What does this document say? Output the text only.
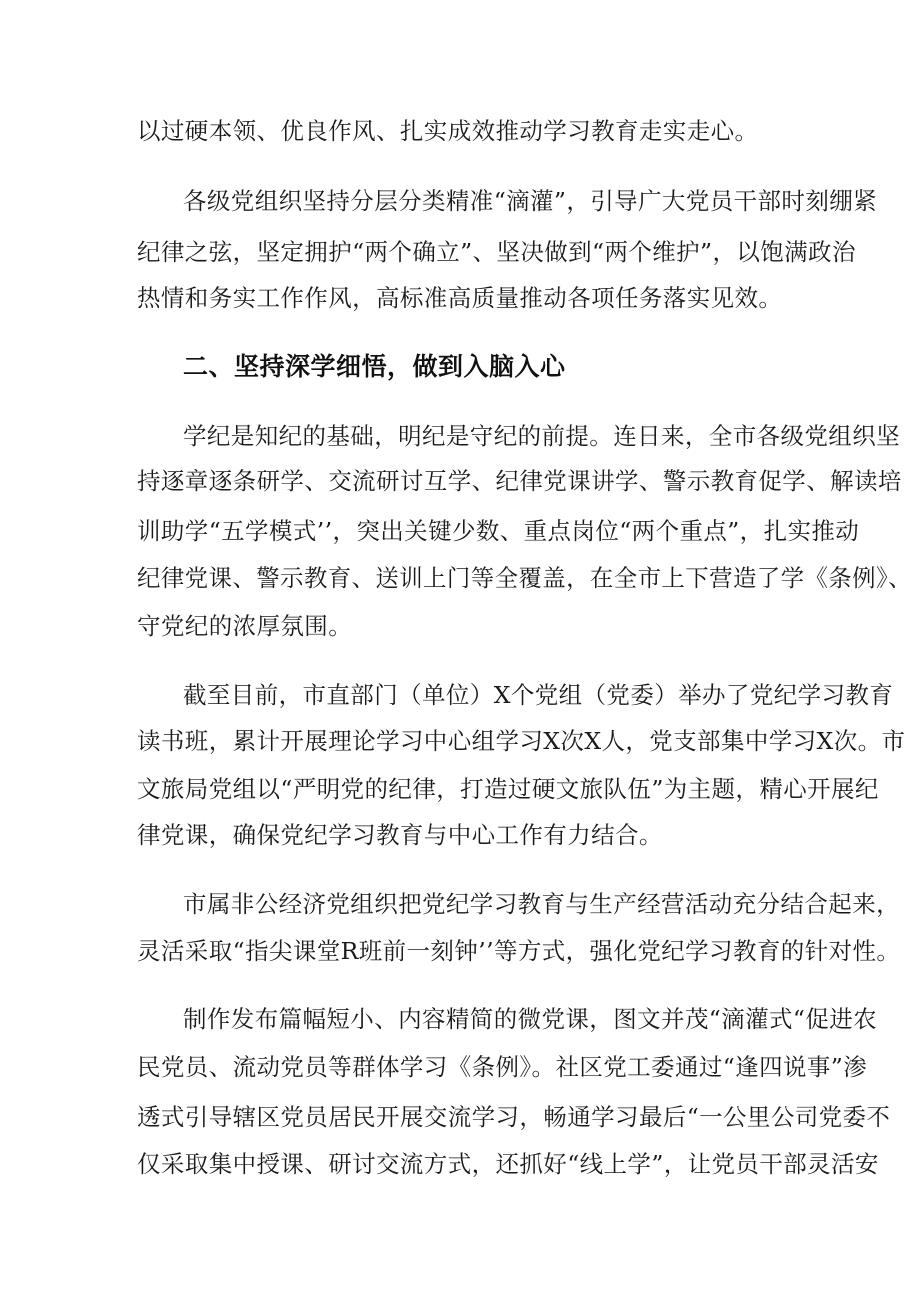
以过硬本领、优良作风、扎实成效推动学习教育走实走心。

各级党组织坚持分层分类精准“滴灌”，引导广大党员干部时刻绷紧

纪律之弦，坚定拥护“两个确立”、坚决做到“两个维护”，以饱满政治

热情和务实工作作风，高标准高质量推动各项任务落实见效。

二、坚持深学细悟，做到入脑入心

学纪是知纪的基础，明纪是守纪的前提。连日来，全市各级党组织坚

持逐章逐条研学、交流研讨互学、纪律党课讲学、警示教育促学、解读培

训助学“五学模式’’，突出关键少数、重点岗位“两个重点”，扎实推动

纪律党课、警示教育、送训上门等全覆盖，在全市上下营造了学《条例》、

守党纪的浓厚氛围。

截至目前，市直部门（单位）X个党组（党委）举办了党纪学习教育

读书班，累计开展理论学习中心组学习X次X人，党支部集中学习X次。市

文旅局党组以“严明党的纪律，打造过硬文旅队伍”为主题，精心开展纪

律党课，确保党纪学习教育与中心工作有力结合。

市属非公经济党组织把党纪学习教育与生产经营活动充分结合起来，

灵活采取“指尖课堂R班前一刻钟’’等方式，强化党纪学习教育的针对性。

制作发布篇幅短小、内容精简的微党课，图文并茂“滴灌式“促进农

民党员、流动党员等群体学习《条例》。社区党工委通过“逢四说事”渗

透式引导辖区党员居民开展交流学习，畅通学习最后“一公里公司党委不

仅采取集中授课、研讨交流方式，还抓好“线上学”，让党员干部灵活安
